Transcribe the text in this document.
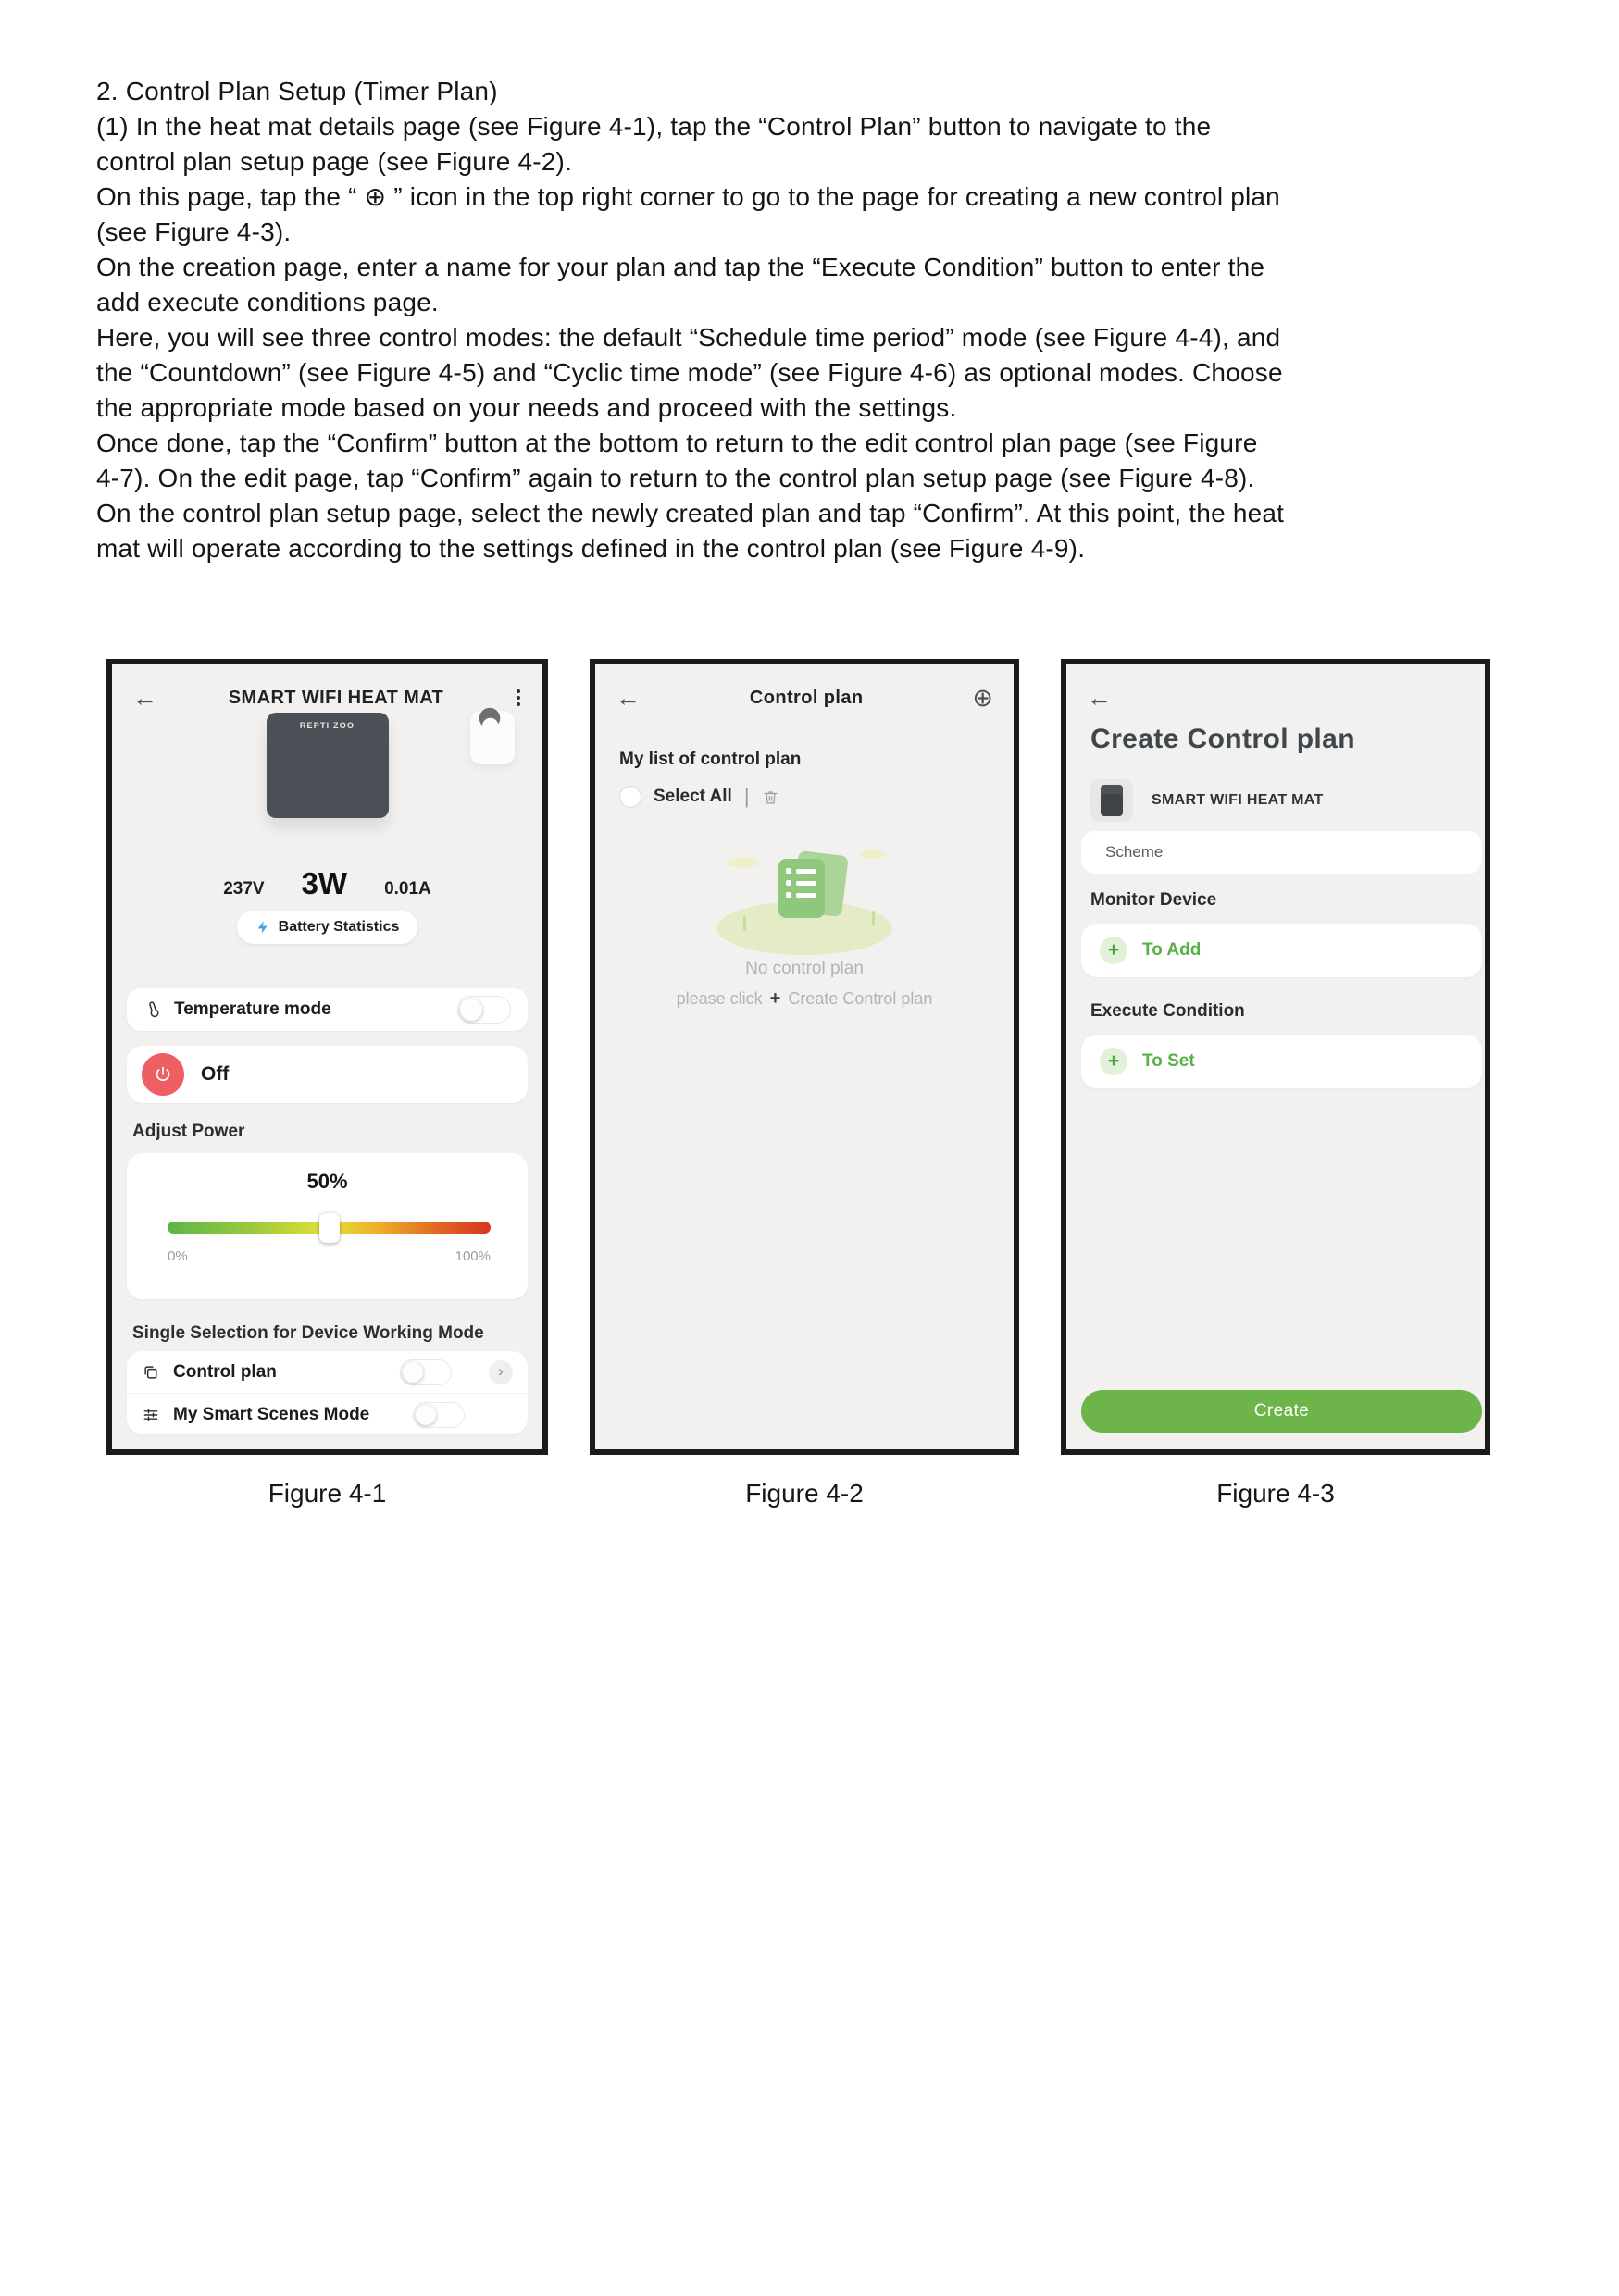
2. Control Plan Setup (Timer Plan)
(1) In the heat mat details page (see Figure 4-1), tap the “Control Plan” button to navigate to the
control plan setup page (see Figure 4-2).
On this page, tap the “ ⊕ ” icon in the top right corner to go to the page for creating a new control plan
(see Figure 4-3).
On the creation page, enter a name for your plan and tap the “Execute Condition” button to enter the
add execute conditions page.
Here, you will see three control modes: the default “Schedule time period” mode (see Figure 4-4), and
the “Countdown” (see Figure 4-5) and “Cyclic time mode” (see Figure 4-6) as optional modes. Choose
the appropriate mode based on your needs and proceed with the settings.
Once done, tap the “Confirm” button at the bottom to return to the edit control plan page (see Figure
4-7). On the edit page, tap “Confirm” again to return to the control plan setup page (see Figure 4-8).
On the control plan setup page, select the newly created plan and tap “Confirm”. At this point, the heat
mat will operate according to the settings defined in the control plan (see Figure 4-9).
←	SMART WIFI HEAT MAT
REPTI ZOO
237V 3W 0.01A
Battery Statistics
Temperature mode
Off
Adjust Power
50%
0%	100%
Single Selection for Device Working Mode
Control plan	›
My Smart Scenes Mode
←	Control plan	⊕
My list of control plan
Select All |
No control plan
please click + Create Control plan
←
Create Control plan
SMART WIFI HEAT MAT
Scheme
Monitor Device
+	To Add
Execute Condition
+	To Set
Create
Figure 4-1	Figure 4-2	Figure 4-3
